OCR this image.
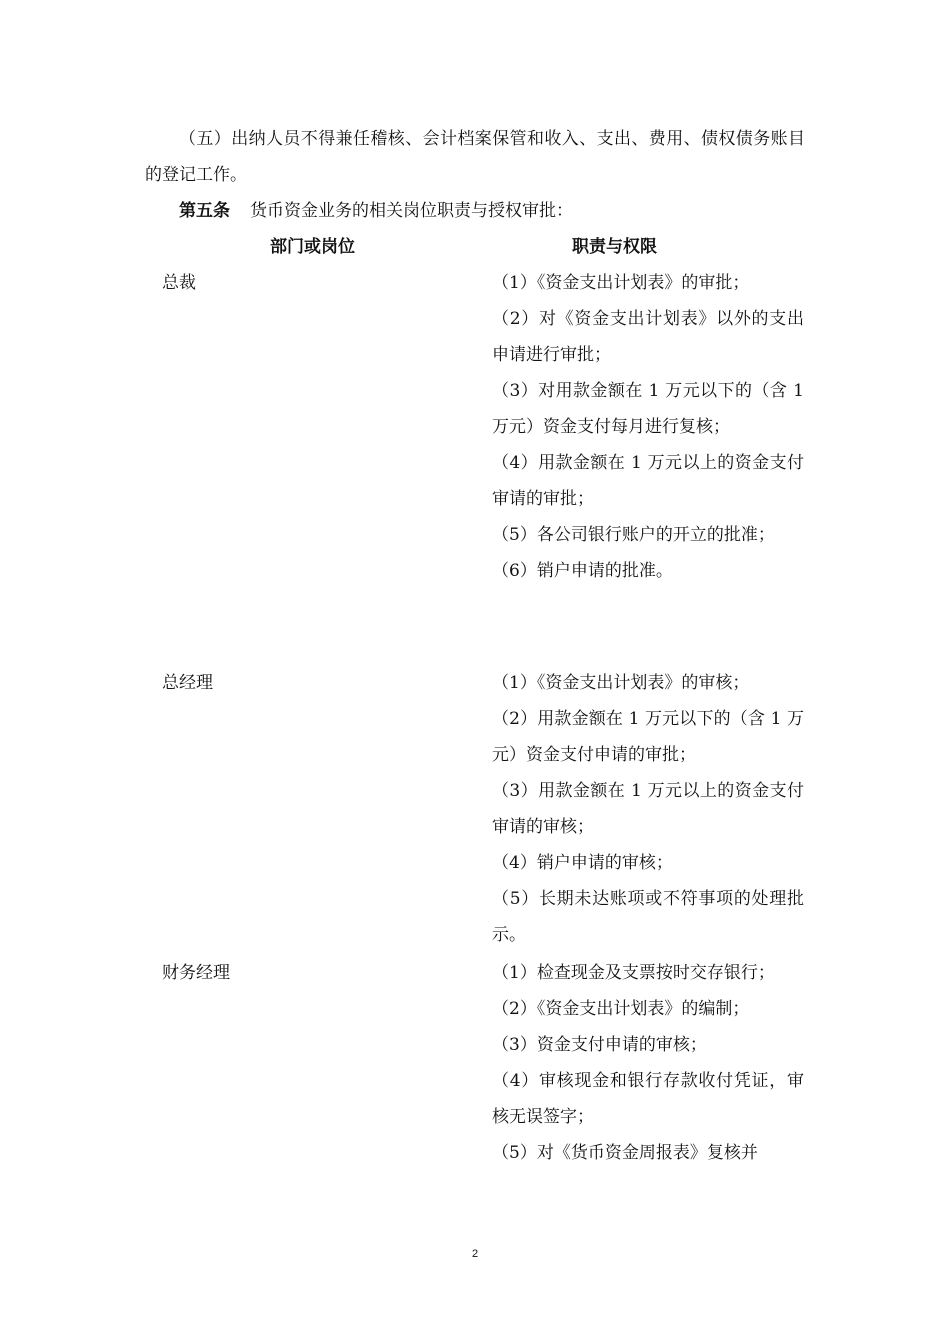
（五）出纳人员不得兼任稽核、会计档案保管和收入、支出、费用、债权债务账目的登记工作。

第五条 货币资金业务的相关岗位职责与授权审批：
部门或岗位	职责与权限
总裁	（1）《资金支出计划表》的审批；

（2）对《资金支出计划表》以外的支出申请进行审批；

（3）对用款金额在 1 万元以下的（含 1 万元）资金支付每月进行复核；

（4）用款金额在 1 万元以上的资金支付审请的审批；

（5）各公司银行账户的开立的批准；

（6）销户申请的批准。

总经理	（1）《资金支出计划表》的审核；

（2）用款金额在 1 万元以下的（含 1 万元）资金支付申请的审批；

（3）用款金额在 1 万元以上的资金支付审请的审核；

（4）销户申请的审核；

（5）长期未达账项或不符事项的处理批示。

财务经理	（1）检查现金及支票按时交存银行；

（2）《资金支出计划表》的编制；

（3）资金支付申请的审核；

（4）审核现金和银行存款收付凭证，审核无误签字；

（5）对《货币资金周报表》复核并

2
